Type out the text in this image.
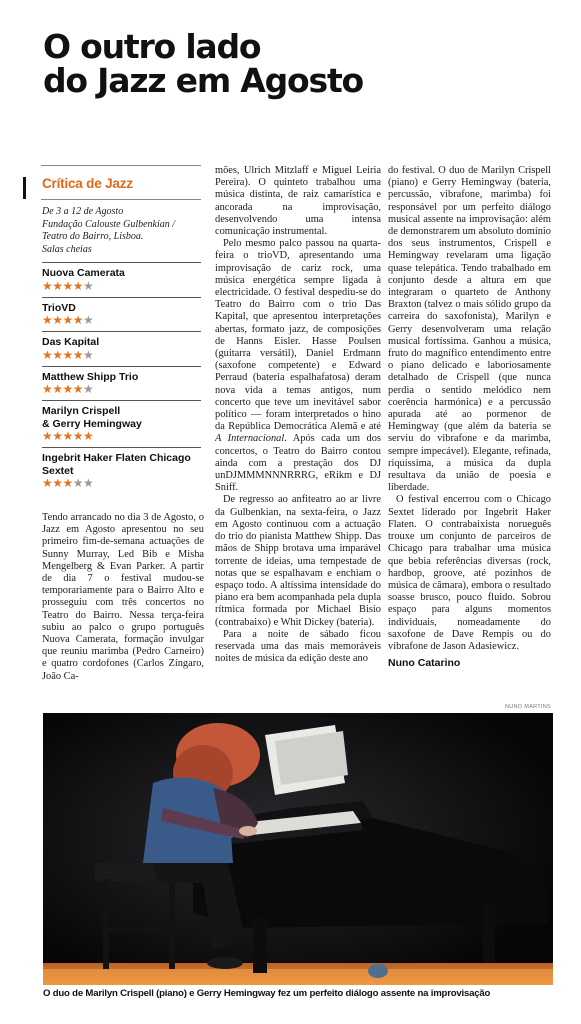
O outro lado
do Jazz em Agosto
Crítica de Jazz
De 3 a 12 de Agosto
Fundação Calouste Gulbenkian /
Teatro do Bairro, Lisboa.
Salas cheias
Nuova Camerata
★★★★★
TrioVD
★★★★★
Das Kapital
★★★★★
Matthew Shipp Trio
★★★★★
Marilyn Crispell
& Gerry Hemingway
★★★★★
Ingebrit Haker Flaten Chicago
Sextet
★★★★★

Tendo arrancado no dia 3 de Agosto, o Jazz em Agosto apresentou no seu primeiro fim-de-semana actuações de Sunny Murray, Led Bib e Misha Mengelberg & Evan Parker. A partir de dia 7 o festival mudou-se temporariamente para o Bairro Alto e prosseguiu com três concertos no Teatro do Bairro. Nessa terça-feira subiu ao palco o grupo português Nuova Camerata, formação invulgar que reuniu marimba (Pedro Carneiro) e quatro cordofones (Carlos Zíngaro, João Ca-

mões, Ulrich Mitzlaff e Miguel Leiria Pereira). O quinteto trabalhou uma música distinta, de raiz camarística e ancorada na improvisação, desenvolvendo uma intensa comunicação instrumental.

Pelo mesmo palco passou na quarta-feira o trioVD, apresentando uma improvisação de cariz rock, uma música energética sempre ligada à electricidade. O festival despediu-se do Teatro do Bairro com o trio Das Kapital, que apresentou interpretações abertas, formato jazz, de composições de Hanns Eisler. Hasse Poulsen (guitarra versátil), Daniel Erdmann (saxofone competente) e Edward Perraud (bateria espalhafatosa) deram nova vida a temas antigos, num concerto que teve um inevitável sabor político — foram interpretados o hino da República Democrática Alemã e até A Internacional. Após cada um dos concertos, o Teatro do Bairro contou ainda com a prestação dos DJ unDJMMMNNNRRRG, eRikm e DJ Sniff.

De regresso ao anfiteatro ao ar livre da Gulbenkian, na sexta-feira, o Jazz em Agosto continuou com a actuação do trio do pianista Matthew Shipp. Das mãos de Shipp brotava uma imparável torrente de ideias, uma tempestade de notas que se espalhavam e enchiam o espaço todo. A altíssima intensidade do piano era bem acompanhada pela dupla rítmica formada por Michael Bisio (contrabaixo) e Whit Dickey (bateria).

Para a noite de sábado ficou reservada uma das mais memoráveis noites de música da edição deste ano

do festival. O duo de Marilyn Crispell (piano) e Gerry Hemingway (bateria, percussão, vibrafone, marimba) foi responsável por um perfeito diálogo musical assente na improvisação: além de demonstrarem um absoluto domínio dos seus instrumentos, Crispell e Hemingway revelaram uma ligação quase telepática. Tendo trabalhado em conjunto desde a altura em que integraram o quarteto de Anthony Braxton (talvez o mais sólido grupo da carreira do saxofonista), Marilyn e Gerry desenvolveram uma relação musical fortíssima. Ganhou a música, fruto do magnífico entendimento entre o piano delicado e laboriosamente detalhado de Crispell (que nunca perdia o sentido melódico nem coerência harmónica) e a percussão apurada até ao pormenor de Hemingway (que além da bateria se serviu do vibrafone e da marimba, sempre impecável). Elegante, refinada, riquíssima, a música da dupla resultava da união de poesia e liberdade.

O festival encerrou com o Chicago Sextet liderado por Ingebrit Haker Flaten. O contrabaixista norueguês trouxe um conjunto de parceiros de Chicago para trabalhar uma música que bebia referências diversas (rock, hardbop, groove, até pozinhos de música de câmara), embora o resultado soasse brusco, pouco fluido. Sobrou espaço para alguns momentos individuais, nomeadamente do saxofone de Dave Rempis ou do vibrafone de Jason Adasiewicz.

Nuno Catarino
NUNO MARTINS
O duo de Marilyn Crispell (piano) e Gerry Hemingway fez um perfeito diálogo assente na improvisação
